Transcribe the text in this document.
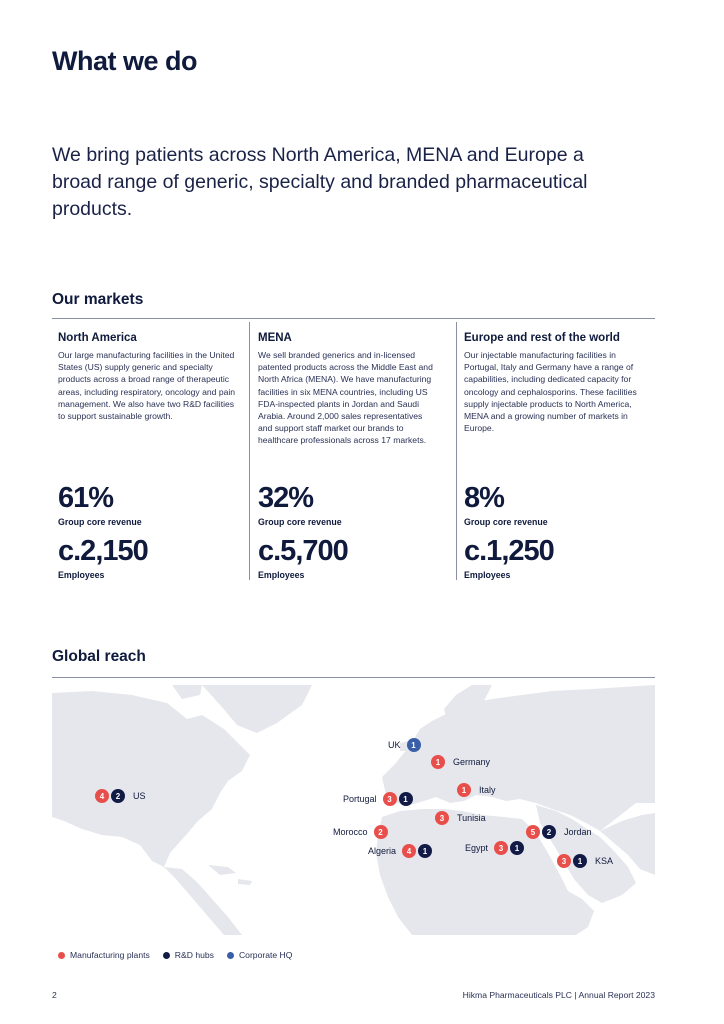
What we do

We bring patients across North America, MENA and Europe a broad range of generic, specialty and branded pharmaceutical products.

Our markets
North America
Our large manufacturing facilities in the United States (US) supply generic and specialty products across a broad range of therapeutic areas, including respiratory, oncology and pain management. We also have two R&D facilities to support sustainable growth.
61%
Group core revenue
c.2,150
Employees
MENA
We sell branded generics and in-licensed patented products across the Middle East and North Africa (MENA). We have manufacturing facilities in six MENA countries, including US FDA-inspected plants in Jordan and Saudi Arabia. Around 2,000 sales representatives and support staff market our brands to healthcare professionals across 17 markets.
32%
Group core revenue
c.5,700
Employees
Europe and rest of the world
Our injectable manufacturing facilities in Portugal, Italy and Germany have a range of capabilities, including dedicated capacity for oncology and cephalosporins. These facilities supply injectable products to North America, MENA and a growing number of markets in Europe.
8%
Group core revenue
c.1,250
Employees
Global reach
4	2	US
UK	1
1	Germany
1	Italy
Portugal	3	1
3	Tunisia
Morocco	2	5	2	Jordan
Algeria	4	1	Egypt	3	1
3	1	KSA
Manufacturing plants	R&D hubs	Corporate HQ
2	Hikma Pharmaceuticals PLC | Annual Report 2023
